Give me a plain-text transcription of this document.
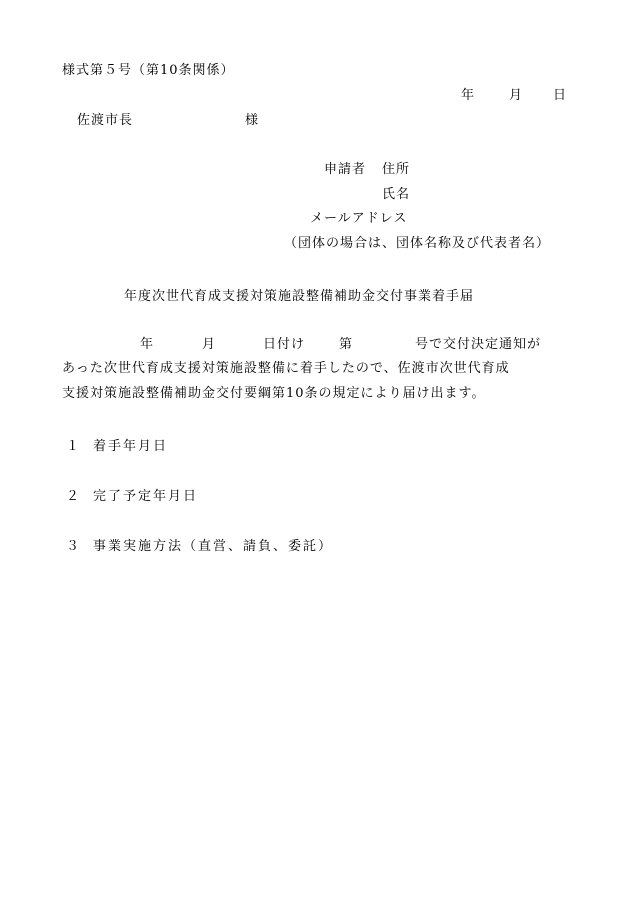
様式第５号（第10条関係）
年	月 日
佐渡市長	様
申請者 住所
氏名
メールアドレス
（団体の場合は、団体名称及び代表者名）
年度次世代育成支援対策施設整備補助金交付事業着手届
年	月	日付け	第	号で交付決定通知が
あった次世代育成支援対策施設整備に着手したので、佐渡市次世代育成
支援対策施設整備補助金交付要綱第10条の規定により届け出ます。
１ 着手年月日
２ 完了予定年月日
３ 事業実施方法（直営、請負、委託）
